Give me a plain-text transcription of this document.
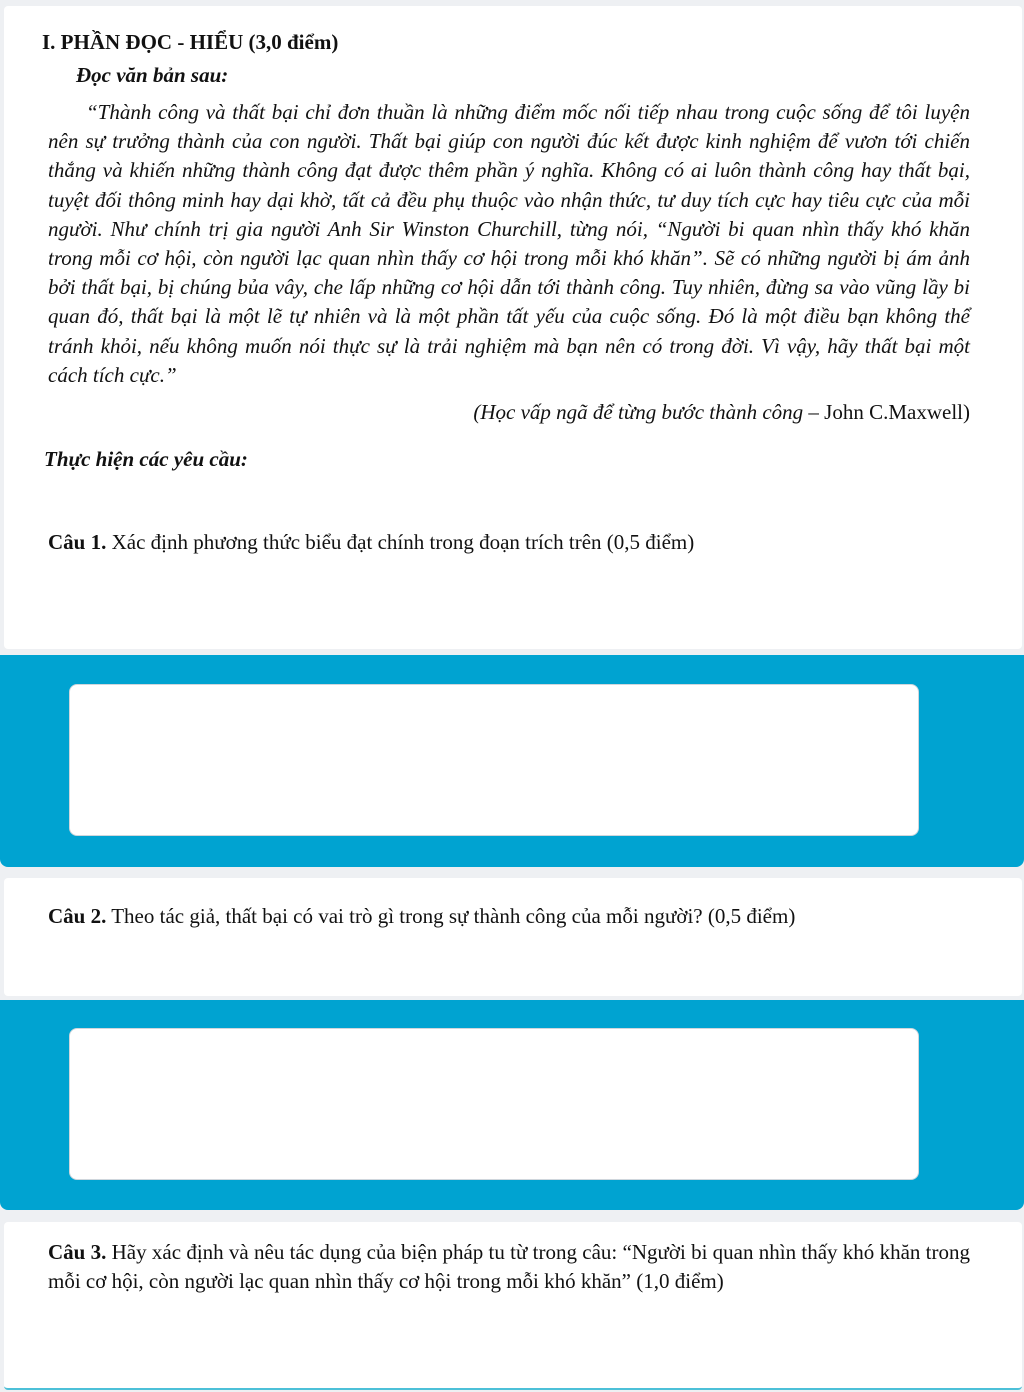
I. PHẦN ĐỌC - HIỂU (3,0 điểm)
Đọc văn bản sau:

“Thành công và thất bại chỉ đơn thuần là những điểm mốc nối tiếp nhau trong cuộc sống để tôi luyện nên sự trưởng thành của con người. Thất bại giúp con người đúc kết được kinh nghiệm để vươn tới chiến thắng và khiến những thành công đạt được thêm phần ý nghĩa. Không có ai luôn thành công hay thất bại, tuyệt đối thông minh hay dại khờ, tất cả đều phụ thuộc vào nhận thức, tư duy tích cực hay tiêu cực của mỗi người. Như chính trị gia người Anh Sir Winston Churchill, từng nói, “Người bi quan nhìn thấy khó khăn trong mỗi cơ hội, còn người lạc quan nhìn thấy cơ hội trong mỗi khó khăn”. Sẽ có những người bị ám ảnh bởi thất bại, bị chúng bủa vây, che lấp những cơ hội dẫn tới thành công. Tuy nhiên, đừng sa vào vũng lầy bi quan đó, thất bại là một lẽ tự nhiên và là một phần tất yếu của cuộc sống. Đó là một điều bạn không thể tránh khỏi, nếu không muốn nói thực sự là trải nghiệm mà bạn nên có trong đời. Vì vậy, hãy thất bại một cách tích cực.”

(Học vấp ngã để từng bước thành công – John C.Maxwell)

Thực hiện các yêu cầu:

Câu 1. Xác định phương thức biểu đạt chính trong đoạn trích trên (0,5 điểm)

Câu 2. Theo tác giả, thất bại có vai trò gì trong sự thành công của mỗi người? (0,5 điểm)

Câu 3. Hãy xác định và nêu tác dụng của biện pháp tu từ trong câu: “Người bi quan nhìn thấy khó khăn trong mỗi cơ hội, còn người lạc quan nhìn thấy cơ hội trong mỗi khó khăn” (1,0 điểm)
